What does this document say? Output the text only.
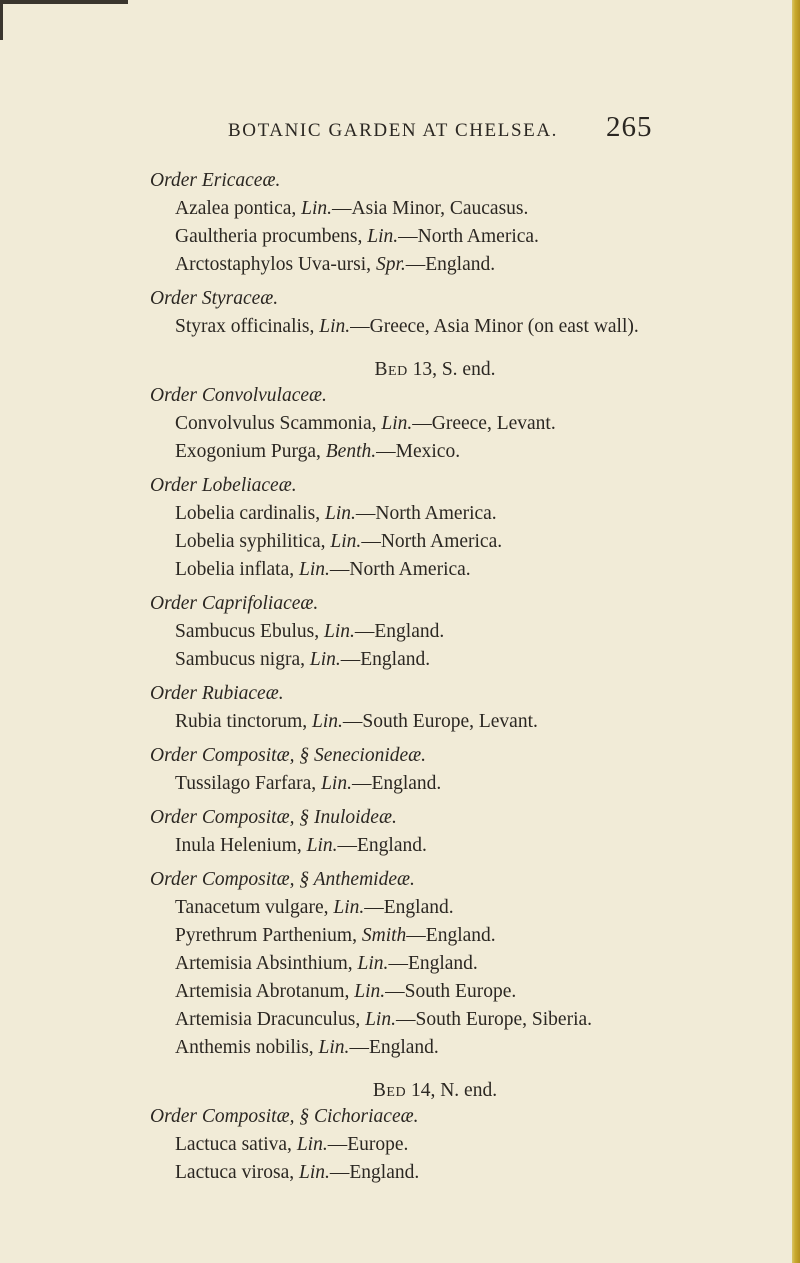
BOTANIC GARDEN AT CHELSEA. 265
Order Ericaceæ.
Azalea pontica, Lin.—Asia Minor, Caucasus.
Gaultheria procumbens, Lin.—North America.
Arctostaphylos Uva-ursi, Spr.—England.
Order Styraceæ.
Styrax officinalis, Lin.—Greece, Asia Minor (on east wall).
Bed 13, S. end.
Order Convolvulaceæ.
Convolvulus Scammonia, Lin.—Greece, Levant.
Exogonium Purga, Benth.—Mexico.
Order Lobeliaceæ.
Lobelia cardinalis, Lin.—North America.
Lobelia syphilitica, Lin.—North America.
Lobelia inflata, Lin.—North America.
Order Caprifoliaceæ.
Sambucus Ebulus, Lin.—England.
Sambucus nigra, Lin.—England.
Order Rubiaceæ.
Rubia tinctorum, Lin.—South Europe, Levant.
Order Compositæ, § Senecionideæ.
Tussilago Farfara, Lin.—England.
Order Compositæ, § Inuloideæ.
Inula Helenium, Lin.—England.
Order Compositæ, § Anthemideæ.
Tanacetum vulgare, Lin.—England.
Pyrethrum Parthenium, Smith—England.
Artemisia Absinthium, Lin.—England.
Artemisia Abrotanum, Lin.—South Europe.
Artemisia Dracunculus, Lin.—South Europe, Siberia.
Anthemis nobilis, Lin.—England.
Bed 14, N. end.
Order Compositæ, § Cichoriaceæ.
Lactuca sativa, Lin.—Europe.
Lactuca virosa, Lin.—England.
